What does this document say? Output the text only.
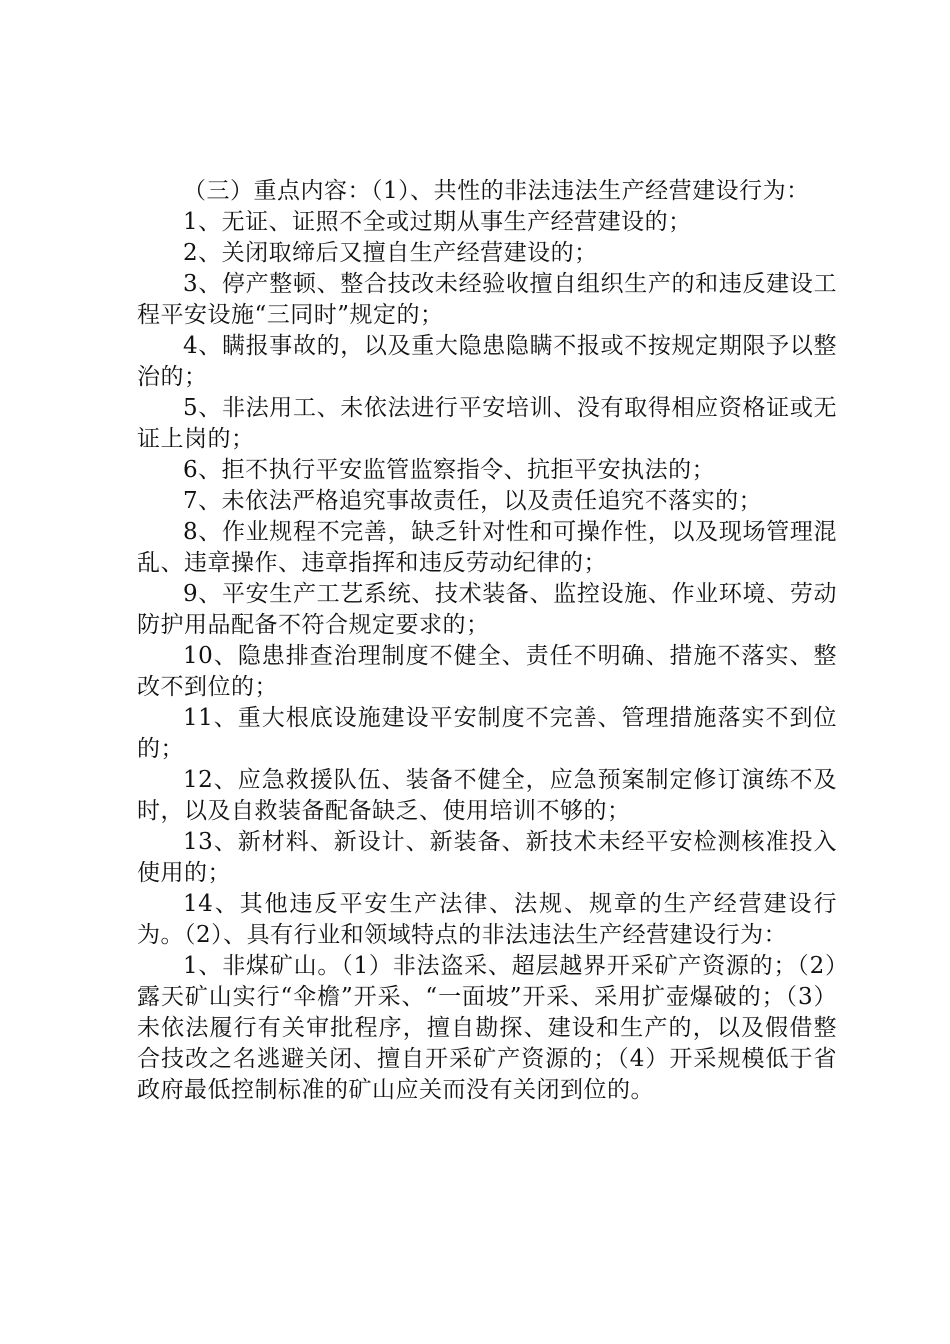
（三）重点内容：（1）、共性的非法违法生产经营建设行为：

1、无证、证照不全或过期从事生产经营建设的；

2、关闭取缔后又擅自生产经营建设的；

3、停产整顿、整合技改未经验收擅自组织生产的和违反建设工程平安设施“三同时”规定的；

4、瞒报事故的，以及重大隐患隐瞒不报或不按规定期限予以整治的；

5、非法用工、未依法进行平安培训、没有取得相应资格证或无证上岗的；

6、拒不执行平安监管监察指令、抗拒平安执法的；

7、未依法严格追究事故责任，以及责任追究不落实的；

8、作业规程不完善，缺乏针对性和可操作性，以及现场管理混乱、违章操作、违章指挥和违反劳动纪律的；

9、平安生产工艺系统、技术装备、监控设施、作业环境、劳动防护用品配备不符合规定要求的；

10、隐患排查治理制度不健全、责任不明确、措施不落实、整改不到位的；

11、重大根底设施建设平安制度不完善、管理措施落实不到位的；

12、应急救援队伍、装备不健全，应急预案制定修订演练不及时，以及自救装备配备缺乏、使用培训不够的；

13、新材料、新设计、新装备、新技术未经平安检测核准投入使用的；

14、其他违反平安生产法律、法规、规章的生产经营建设行为。（2）、具有行业和领域特点的非法违法生产经营建设行为：

1、非煤矿山。（1）非法盗采、超层越界开采矿产资源的；（2）露天矿山实行“伞檐”开采、“一面坡”开采、采用扩壶爆破的；（3）未依法履行有关审批程序，擅自勘探、建设和生产的，以及假借整合技改之名逃避关闭、擅自开采矿产资源的；（4）开采规模低于省政府最低控制标准的矿山应关而没有关闭到位的。
